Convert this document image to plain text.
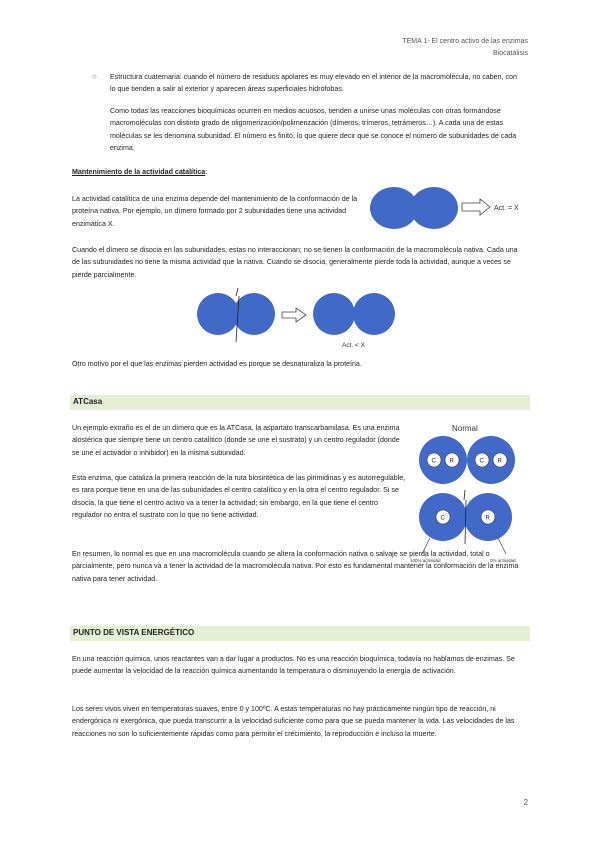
TEMA 1- El centro activo de las enzimas
Biocatálisis
○ Estructura cuaternaria: cuando el número de residuos apolares es muy elevado en el interior de la macromolécula, no caben, con lo que tienden a salir al exterior y aparecen áreas superficiales hidrófobas.
Como todas las reacciones bioquímicas ocurren en medios acuosos, tienden a unirse unas moléculas con otras formándose macromoléculas con distinto grado de oligomerización/polimerización (dímeros, trímeros, tetrámeros…). A cada una de estas moléculas se les denomina subunidad. El número es finito, lo que quiere decir que se conoce el número de subunidades de cada enzima.
Mantenimiento de la actividad catalítica:
La actividad catalítica de una enzima depende del mantenimiento de la conformación de la proteína nativa. Por ejemplo, un dímero formado por 2 subunidades tiene una actividad enzimática X.
Act. = X
Cuando el dímero se disocia en las subunidades, estas no interaccionan; no se tienen la conformación de la macromolécula nativa. Cada una de las subunidades no tiene la misma actividad que la nativa. Cuando se disocia, generalmente pierde toda la actividad, aunque a veces se pierde parcialmente.
Act. < X
Otro motivo por el que las enzimas pierden actividad es porque se desnaturaliza la proteína.
ATCasa
Un ejemplo extraño es el de un dímero que es la ATCasa, la aspartato transcarbamilasa. Es una enzima alostérica que siempre tiene un centro catalítico (donde se une el sustrato) y un centro regulador (donde se une el activador o inhibidor) en la misma subunidad.
Esta enzima, que cataliza la primera reacción de la ruta biosintética de las pirimidinas y es autorregulable, es rara porque tiene en una de las subunidades el centro catalítico y en la otra el centro regulador. Si se disocia, la que tiene el centro activo va a tener la actividad; sin embargo, en la que tiene el centro regulador no entra el sustrato con lo que no tiene actividad.
Normal
C R	C R
C	R
100% actividad	0% actividad
En resumen, lo normal es que en una macromolécula cuando se altera la conformación nativa o salvaje se pierda la actividad, total o parcialmente, pero nunca va a tener la actividad de la macromolécula nativa. Por esto es fundamental mantener la conformación de la enzima nativa para tener actividad.
PUNTO DE VISTA ENERGÉTICO
En una reacción química, unos reactantes van a dar lugar a productos. No es una reacción bioquímica, todavía no hablamos de enzimas. Se puede aumentar la velocidad de la reacción química aumentando la temperatura o disminuyendo la energía de activación.
Los seres vivos viven en temperaturas suaves, entre 0 y 100ºC. A estas temperaturas no hay prácticamente ningún tipo de reacción, ni endergónica ni exergónica, que pueda transcurrir a la velocidad suficiente como para que se pueda mantener la vida. Las velocidades de las reacciones no son lo suficientemente rápidas como para permitir el crecimiento, la reproducción e incluso la muerte.
2
